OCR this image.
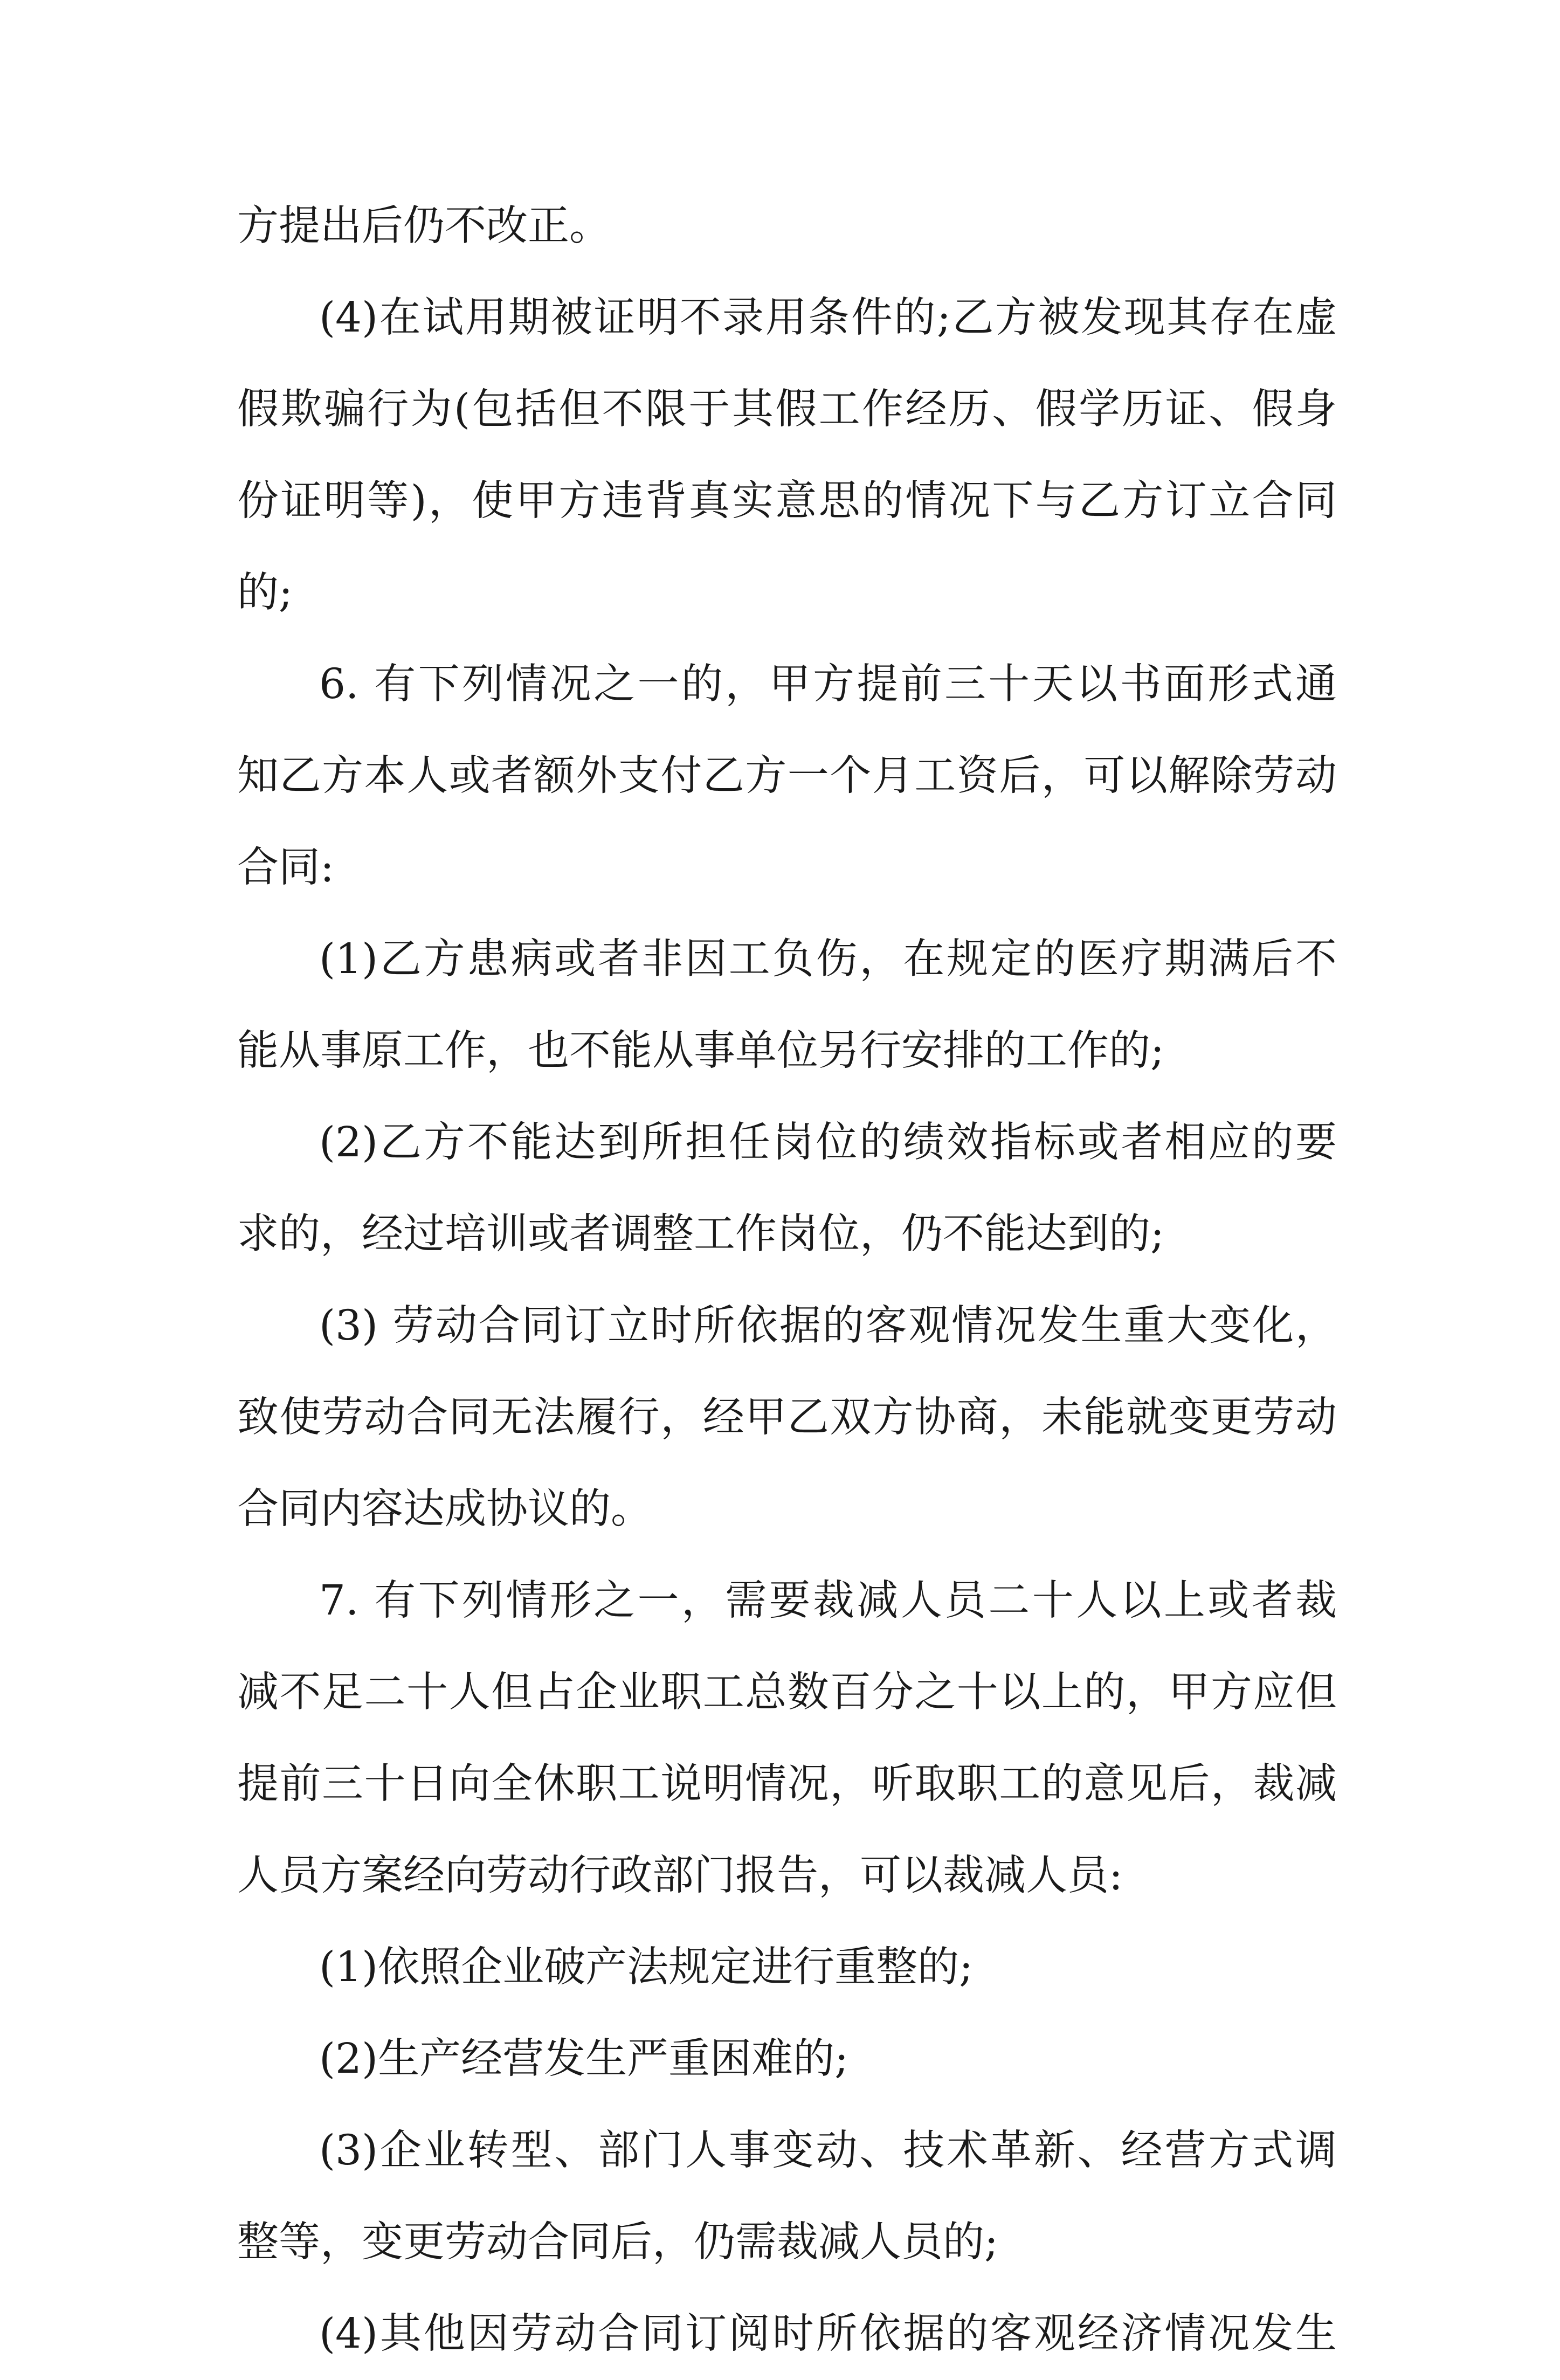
方提出后仍不改正。
(4)在试用期被证明不录用条件的;乙方被发现其存在虚
假欺骗行为(包括但不限于其假工作经历、假学历证、假身
份证明等)，使甲方违背真实意思的情况下与乙方订立合同
的;
6. 有下列情况之一的，甲方提前三十天以书面形式通
知乙方本人或者额外支付乙方一个月工资后，可以解除劳动
合同:
(1)乙方患病或者非因工负伤，在规定的医疗期满后不
能从事原工作，也不能从事单位另行安排的工作的;
(2)乙方不能达到所担任岗位的绩效指标或者相应的要
求的，经过培训或者调整工作岗位，仍不能达到的;
(3) 劳动合同订立时所依据的客观情况发生重大变化，
致使劳动合同无法履行，经甲乙双方协商，未能就变更劳动
合同内容达成协议的。
7. 有下列情形之一，需要裁减人员二十人以上或者裁
减不足二十人但占企业职工总数百分之十以上的，甲方应但
提前三十日向全休职工说明情况，听取职工的意见后，裁减
人员方案经向劳动行政部门报告，可以裁减人员:
(1)依照企业破产法规定进行重整的;
(2)生产经营发生严重困难的;
(3)企业转型、部门人事变动、技术革新、经营方式调
整等，变更劳动合同后，仍需裁减人员的;
(4)其他因劳动合同订阅时所依据的客观经济情况发生
